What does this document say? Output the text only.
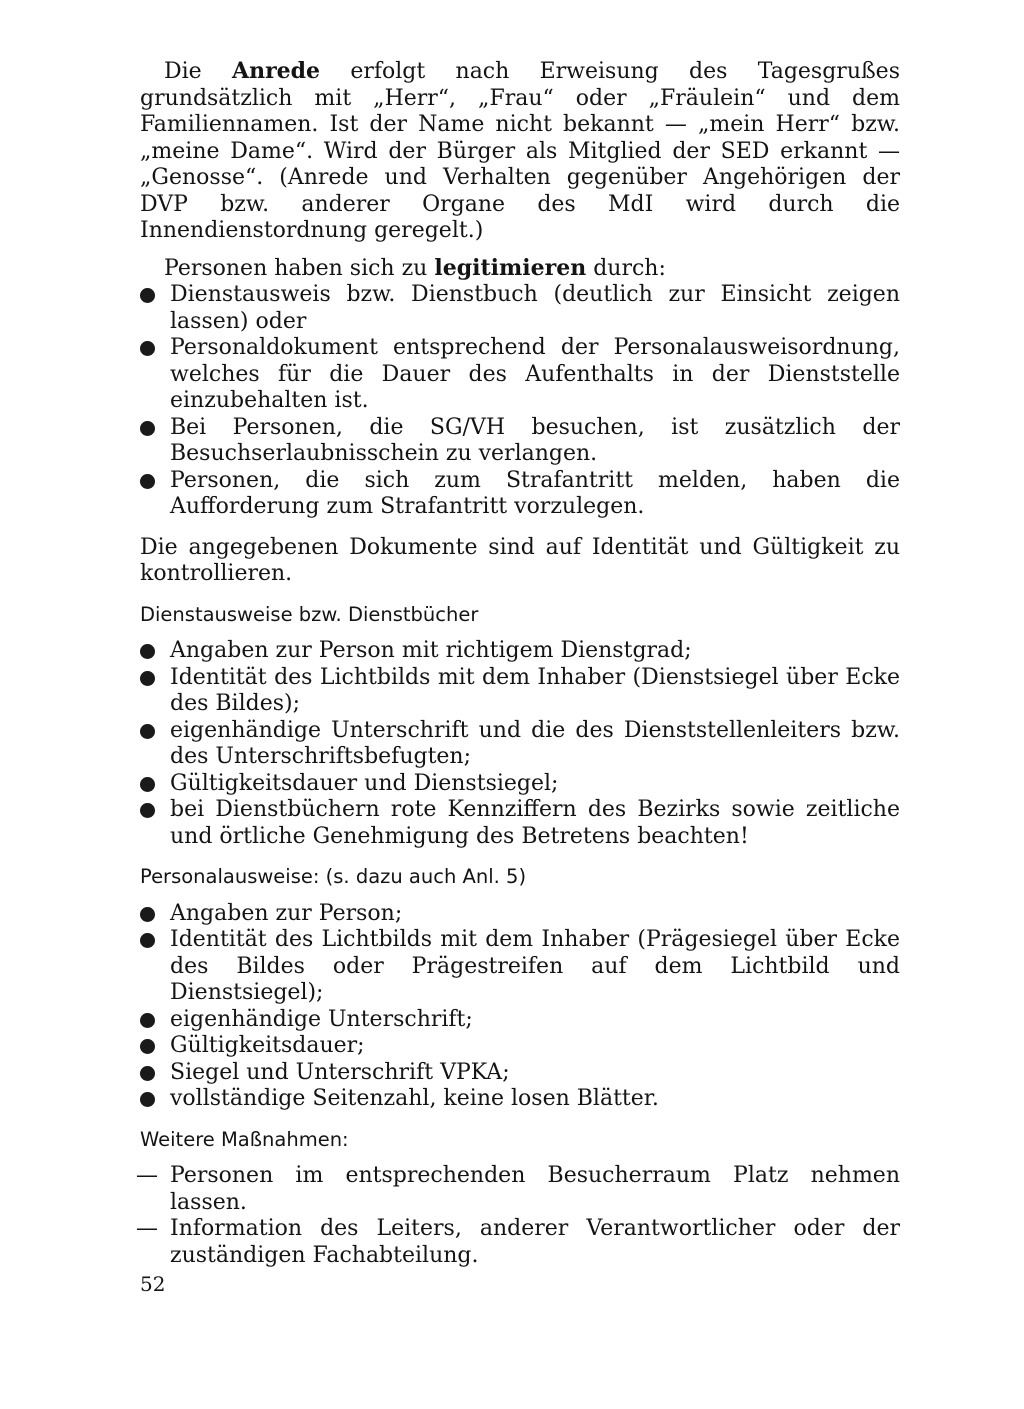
Die Anrede erfolgt nach Erweisung des Tagesgrußes grundsätzlich mit „Herr“, „Frau“ oder „Fräulein“ und dem Familiennamen. Ist der Name nicht bekannt — „mein Herr“ bzw. „meine Dame“. Wird der Bürger als Mitglied der SED erkannt — „Genosse“. (Anrede und Verhalten gegenüber Angehörigen der DVP bzw. anderer Organe des MdI wird durch die Innendienstordnung geregelt.)

Personen haben sich zu legitimieren durch:

Dienstausweis bzw. Dienstbuch (deutlich zur Einsicht zeigen lassen) oder
Personaldokument entsprechend der Personalausweisordnung, welches für die Dauer des Aufenthalts in der Dienststelle einzubehalten ist.
Bei Personen, die SG/VH besuchen, ist zusätzlich der Besuchserlaubnisschein zu verlangen.
Personen, die sich zum Strafantritt melden, haben die Aufforderung zum Strafantritt vorzulegen.

Die angegebenen Dokumente sind auf Identität und Gültigkeit zu kontrollieren.

Dienstausweise bzw. Dienstbücher

Angaben zur Person mit richtigem Dienstgrad;
Identität des Lichtbilds mit dem Inhaber (Dienstsiegel über Ecke des Bildes);
eigenhändige Unterschrift und die des Dienststellenleiters bzw. des Unterschriftsbefugten;
Gültigkeitsdauer und Dienstsiegel;
bei Dienstbüchern rote Kennziffern des Bezirks sowie zeitliche und örtliche Genehmigung des Betretens beachten!

Personalausweise: (s. dazu auch Anl. 5)

Angaben zur Person;
Identität des Lichtbilds mit dem Inhaber (Prägesiegel über Ecke des Bildes oder Prägestreifen auf dem Lichtbild und Dienstsiegel);
eigenhändige Unterschrift;
Gültigkeitsdauer;
Siegel und Unterschrift VPKA;
vollständige Seitenzahl, keine losen Blätter.

Weitere Maßnahmen:

— Personen im entsprechenden Besucherraum Platz nehmen lassen.
— Information des Leiters, anderer Verantwortlicher oder der zuständigen Fachabteilung.
52
